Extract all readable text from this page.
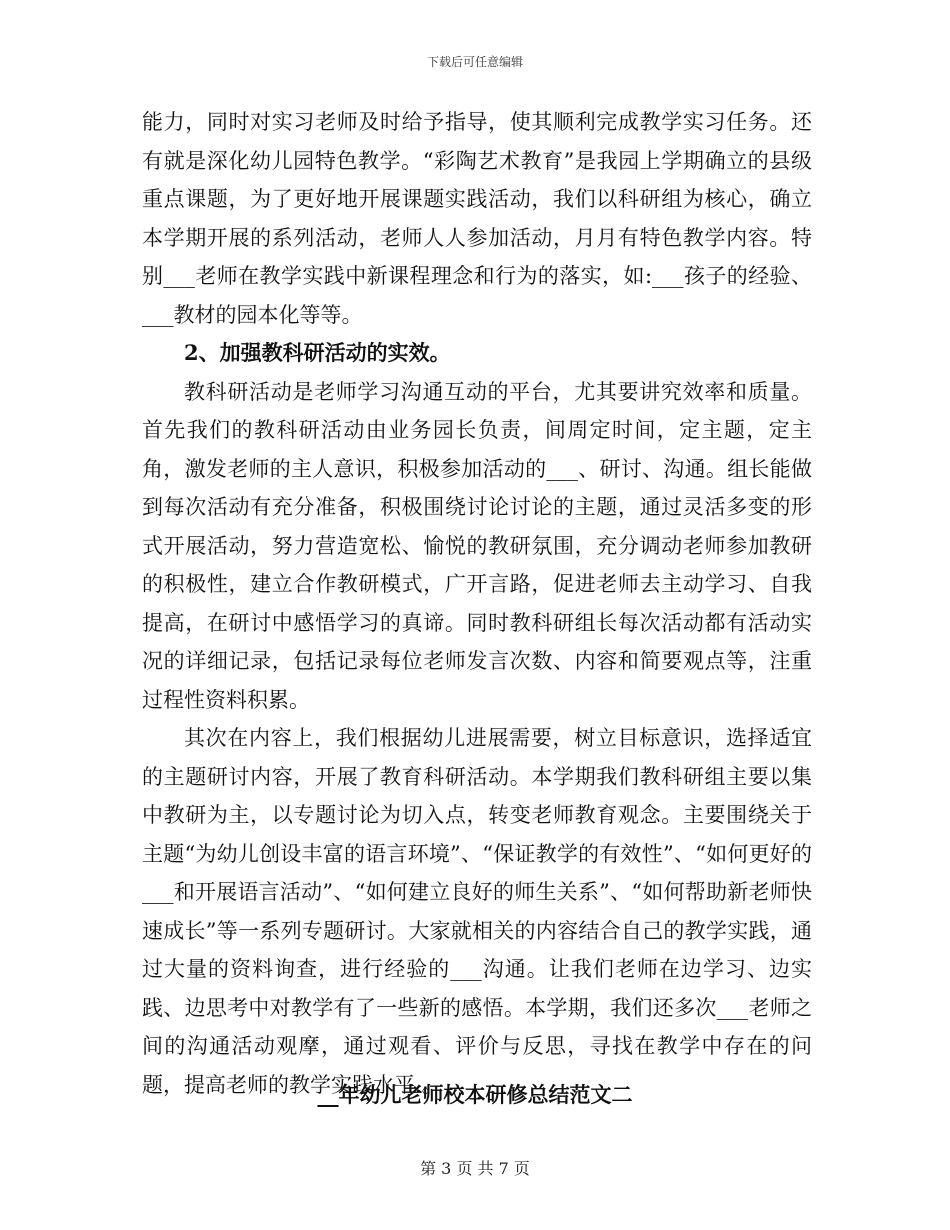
下载后可任意编辑

能力，同时对实习老师及时给予指导，使其顺利完成教学实习任务。还有就是深化幼儿园特色教学。“彩陶艺术教育”是我园上学期确立的县级重点课题，为了更好地开展课题实践活动，我们以科研组为核心，确立本学期开展的系列活动，老师人人参加活动，月月有特色教学内容。特别___老师在教学实践中新课程理念和行为的落实，如:___孩子的经验、___教材的园本化等等。

2、加强教科研活动的实效。

教科研活动是老师学习沟通互动的平台，尤其要讲究效率和质量。首先我们的教科研活动由业务园长负责，间周定时间，定主题，定主角，激发老师的主人意识，积极参加活动的___、研讨、沟通。组长能做到每次活动有充分准备，积极围绕讨论讨论的主题，通过灵活多变的形式开展活动，努力营造宽松、愉悦的教研氛围，充分调动老师参加教研的积极性，建立合作教研模式，广开言路，促进老师去主动学习、自我提高，在研讨中感悟学习的真谛。同时教科研组长每次活动都有活动实况的详细记录，包括记录每位老师发言次数、内容和简要观点等，注重过程性资料积累。

其次在内容上，我们根据幼儿进展需要，树立目标意识，选择适宜的主题研讨内容，开展了教育科研活动。本学期我们教科研组主要以集中教研为主，以专题讨论为切入点，转变老师教育观念。主要围绕关于主题“为幼儿创设丰富的语言环境”、“保证教学的有效性”、“如何更好的___和开展语言活动”、“如何建立良好的师生关系”、“如何帮助新老师快速成长”等一系列专题研讨。大家就相关的内容结合自己的教学实践，通过大量的资料询查，进行经验的___沟通。让我们老师在边学习、边实践、边思考中对教学有了一些新的感悟。本学期，我们还多次___老师之间的沟通活动观摩，通过观看、评价与反思，寻找在教学中存在的问题，提高老师的教学实践水平.。

__年幼儿老师校本研修总结范文二
第 3 页 共 7 页
